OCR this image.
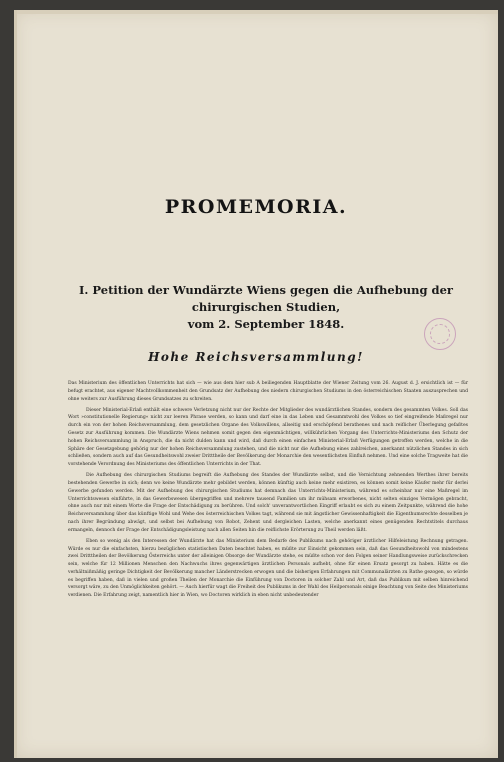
PROMEMORIA.
I. Petition der Wundärzte Wiens gegen die Aufhebung der chirurgischen Studien,
vom 2. September 1848.
Hohe Reichsversammlung!

Das Ministerium des öffentlichen Unterrichts hat sich — wie aus dem hier sub A beiliegenden Hauptblatte der Wiener Zeitung vom 26. August d. J. ersichtlich ist — für befugt erachtet, aus eigener Machtvollkommenheit den Grundsatz der Aufhebung des niedern chirurgischen Studiums in den österreichischen Staaten auszusprechen und ohne weiters zur Ausführung dieses Grundsatzes zu schreiten.

Dieser Ministerial-Erlaß enthält eine schwere Verletzung nicht nur der Rechte der Mitglieder des wundärztlichen Standes, sondern des gesammten Volkes. Soll das Wort »constitutionelle Regierung« nicht zur leeren Phrase werden, so kann und darf eine in das Leben und Gesammtwohl des Volkes so tief eingreifende Maßregel nur durch ein von der hohen Reichsversammlung, dem gesetzlichen Organe des Volkswillens, allseitig und erschöpfend berathenes und nach reiflicher Überlegung gefaßtes Gesetz zur Ausführung kommen. Die Wundärzte Wiens nehmen somit gegen den eigenmächtigen, willkührlichen Vorgang des Unterrichts-Ministeriums den Schutz der hohen Reichsversammlung in Anspruch, die da nicht dulden kann und wird, daß durch einen einfachen Ministerial-Erlaß Verfügungen getroffen werden, welche in die Sphäre der Gesetzgebung gehörig nur der hohen Reichsversammlung zustehen, und die nicht nur die Aufhebung eines zahlreichen, anerkannt nützlichen Standes in sich schließen, sondern auch auf das Gesundheitswohl zweier Dritttheile der Bevölkerung der Monarchie den wesentlichsten Einfluß nehmen. Und eine solche Tragweite hat die vorstehende Verordnung des Ministeriums des öffentlichen Unterrichts in der That.

Die Aufhebung des chirurgischen Studiums begreift die Aufhebung des Standes der Wundärzte selbst, und die Vernichtung zehnenden Werthes ihrer bereits bestehenden Gewerbe in sich; denn wo keine Wundärzte mehr gebildet werden, können künftig auch keine mehr existiren, es können somit keine Käufer mehr für derlei Gewerbe gefunden werden. Mit der Aufhebung des chirurgischen Studiums hat demnach das Unterrichts-Ministerium, während es scheinbar nur eine Maßregel im Unterrichtswesen einführte, in das Gewerbswesen übergegriffen und mehrere tausend Familien um ihr mühsam erworbenes, nicht selten einziges Vermögen gebracht, ohne auch nur mit einem Worte die Frage der Entschädigung zu berühren. Und solch' unverantwortlichen Eingriff erlaubt es sich zu einem Zeitpunkte, während die hohe Reichsversammlung über das künftige Wohl und Wehe des österreichischen Volkes tagt, während sie mit ängstlicher Gewissenhaftigkeit die Eigenthumsrechte desselben je nach ihrer Begründung abwägt, und selbst bei Aufhebung von Robot, Zehent und dergleichen Lasten, welche anerkannt eines genügenden Rechtstitels durchaus ermangeln, dennoch der Frage der Entschädigungsleistung nach allen Seiten hin die reiflichste Erörterung zu Theil werden läßt.

Eben so wenig als den Interessen der Wundärzte hat das Ministerium dem Bedarfe des Publikums nach gehöriger ärztlicher Hilfeleistung Rechnung getragen. Würde es nur die einfachsten, hierzu bezüglichen statistischen Daten beachtet haben, es müßte zur Einsicht gekommen sein, daß das Gesundheitswohl von mindestens zwei Dritttheilen der Bevölkerung Österreichs unter der alleinigen Obsorge der Wundärzte stehe, es müßte schon vor den Folgen seiner Handlungsweise zurückschrecken sein, welche für 12 Millionen Menschen den Nachwuchs ihres gegenwärtigen ärztlichen Personals aufhebt, ohne für einen Ersatz gesorgt zu haben. Hätte es die verhältnißmäßig geringe Dichtigkeit der Bevölkerung mancher Länderstrecken erwogen und die bisherigen Erfahrungen mit Communalärzten zu Rathe gezogen, so würde es begriffen haben, daß in vielen und großen Theilen der Monarchie die Einführung von Doctoren in solcher Zahl und Art, daß das Publikum mit selben hinreichend versorgt wäre, zu den Unmöglichkeiten gehört. — Auch hierfür wagt die Freiheit des Publikums in der Wahl des Heilpersonals einige Beachtung von Seite des Ministeriums verdienen. Die Erfahrung zeigt, namentlich hier in Wien, wo Doctoren wirklich in eben nicht unbedeutender
